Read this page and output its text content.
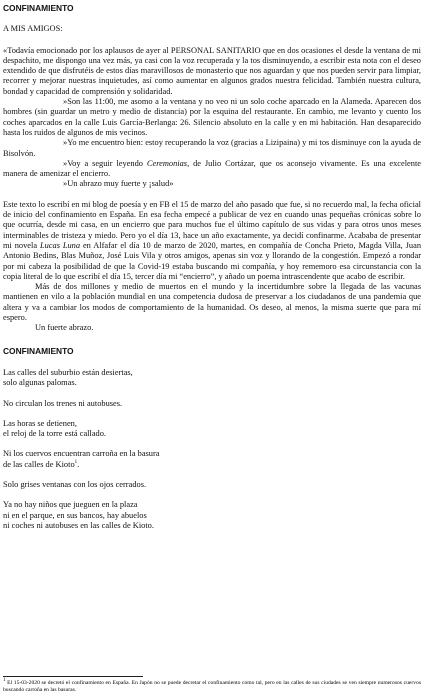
CONFINAMIENTO
A MIS AMIGOS:

«Todavía emocionado por los aplausos de ayer al PERSONAL SANITARIO que en dos ocasiones el desde la ventana de mi despachito, me dispongo una vez más, ya casi con la voz recuperada y la tos disminuyendo, a escribir esta nota con el deseo extendido de que disfrutéis de estos días maravillosos de monasterio que nos aguardan y que nos pueden servir para limpiar, recorrer y mejorar nuestras inquietudes, así como aumentar en algunos grados nuestra felicidad. También nuestra cultura, bondad y capacidad de comprensión y solidaridad.

»Son las 11:00, me asomo a la ventana y no veo ni un solo coche aparcado en la Alameda. Aparecen dos hombres (sin guardar un metro y medio de distancia) por la esquina del restaurante. En cambio, me levanto y cuento los coches aparcados en la calle Luis García-Berlanga: 26. Silencio absoluto en la calle y en mi habitación. Han desaparecido hasta los ruidos de algunos de mis vecinos.

»Yo me encuentro bien: estoy recuperando la voz (gracias a Lizipaina) y mi tos disminuye con la ayuda de Bisolvón.

»Voy a seguir leyendo Ceremonias, de Julio Cortázar, que os aconsejo vivamente. Es una excelente manera de amenizar el encierro.

»Un abrazo muy fuerte y ¡salud»

Este texto lo escribí en mi blog de poesía y en FB el 15 de marzo del año pasado que fue, si no recuerdo mal, la fecha oficial de inicio del confinamiento en España. En esa fecha empecé a publicar de vez en cuando unas pequeñas crónicas sobre lo que ocurría, desde mi casa, en un encierro que para muchos fue el último capítulo de sus vidas y para otros unos meses interminables de tristeza y miedo. Pero yo el día 13, hace un año exactamente, ya decidí confinarme. Acababa de presentar mi novela Lucas Luna en Alfafar el día 10 de marzo de 2020, martes, en compañía de Concha Prieto, Magda Villa, Juan Antonio Bedins, Blas Muñoz, José Luis Vila y otros amigos, apenas sin voz y llorando de la congestión. Empezó a rondar por mi cabeza la posibilidad de que la Covid-19 estaba buscando mi compañía, y hoy rememoro esa circunstancia con la copia literal de lo que escribí el día 15, tercer día mi “encierro”, y añado un poema intrascendente que acabo de escribir.

Más de dos millones y medio de muertos en el mundo y la incertidumbre sobre la llegada de las vacunas mantienen en vilo a la población mundial en una competencia dudosa de preservar a los ciudadanos de una pandemia que altera y va a cambiar los modos de comportamiento de la humanidad. Os deseo, al menos, la misma suerte que para mí espero.

Un fuerte abrazo.

CONFINAMIENTO
Las calles del suburbio están desiertas,
solo algunas palomas.
No circulan los trenes ni autobuses.
Las horas se detienen,
el reloj de la torre está callado.
Ni los cuervos encuentran carroña en la basura
de las calles de Kioto$^1$.
Solo grises ventanas con los ojos cerrados.
Ya no hay niños que jueguen en la plaza
ni en el parque, en sus bancos, hay abuelos
ni coches ni autobuses en las calles de Kioto.
$^1$ El 15-03-2020 se decretó el confinamiento en España. En Japón no se puede decretar el confinamiento como tal, pero en las calles de sus ciudades se ven siempre numerosos cuervos buscando carroña en las basuras.
